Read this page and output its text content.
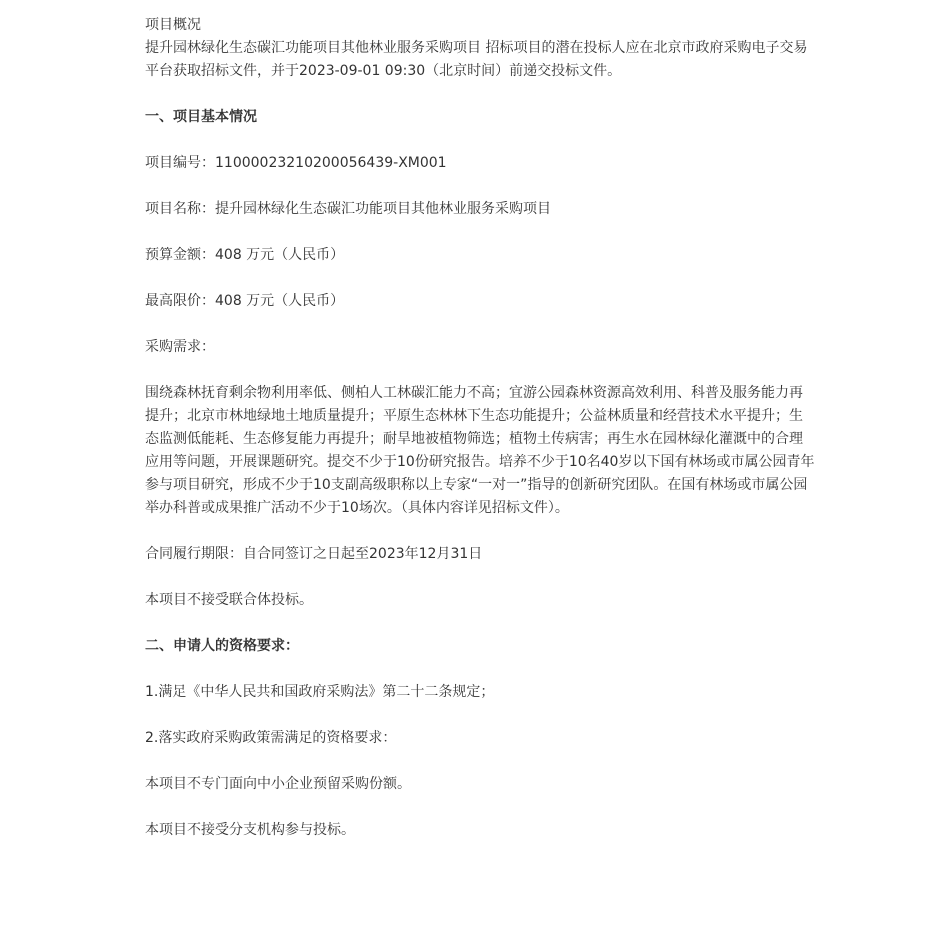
项目概况

提升园林绿化生态碳汇功能项目其他林业服务采购项目 招标项目的潜在投标人应在北京市政府采购电子交易平台获取招标文件，并于2023-09-01 09:30（北京时间）前递交投标文件。

一、项目基本情况

项目编号：11000023210200056439-XM001

项目名称：提升园林绿化生态碳汇功能项目其他林业服务采购项目

预算金额：408 万元（人民币）

最高限价：408 万元（人民币）

采购需求：

围绕森林抚育剩余物利用率低、侧柏人工林碳汇能力不高；宜游公园森林资源高效利用、科普及服务能力再提升；北京市林地绿地土地质量提升；平原生态林林下生态功能提升；公益林质量和经营技术水平提升；生态监测低能耗、生态修复能力再提升；耐旱地被植物筛选；植物土传病害；再生水在园林绿化灌溉中的合理应用等问题，开展课题研究。提交不少于10份研究报告。培养不少于10名40岁以下国有林场或市属公园青年参与项目研究，形成不少于10支副高级职称以上专家“一对一”指导的创新研究团队。在国有林场或市属公园举办科普或成果推广活动不少于10场次。（具体内容详见招标文件）。

合同履行期限：自合同签订之日起至2023年12月31日

本项目不接受联合体投标。

二、申请人的资格要求：

1.满足《中华人民共和国政府采购法》第二十二条规定；

2.落实政府采购政策需满足的资格要求：

本项目不专门面向中小企业预留采购份额。

本项目不接受分支机构参与投标。
